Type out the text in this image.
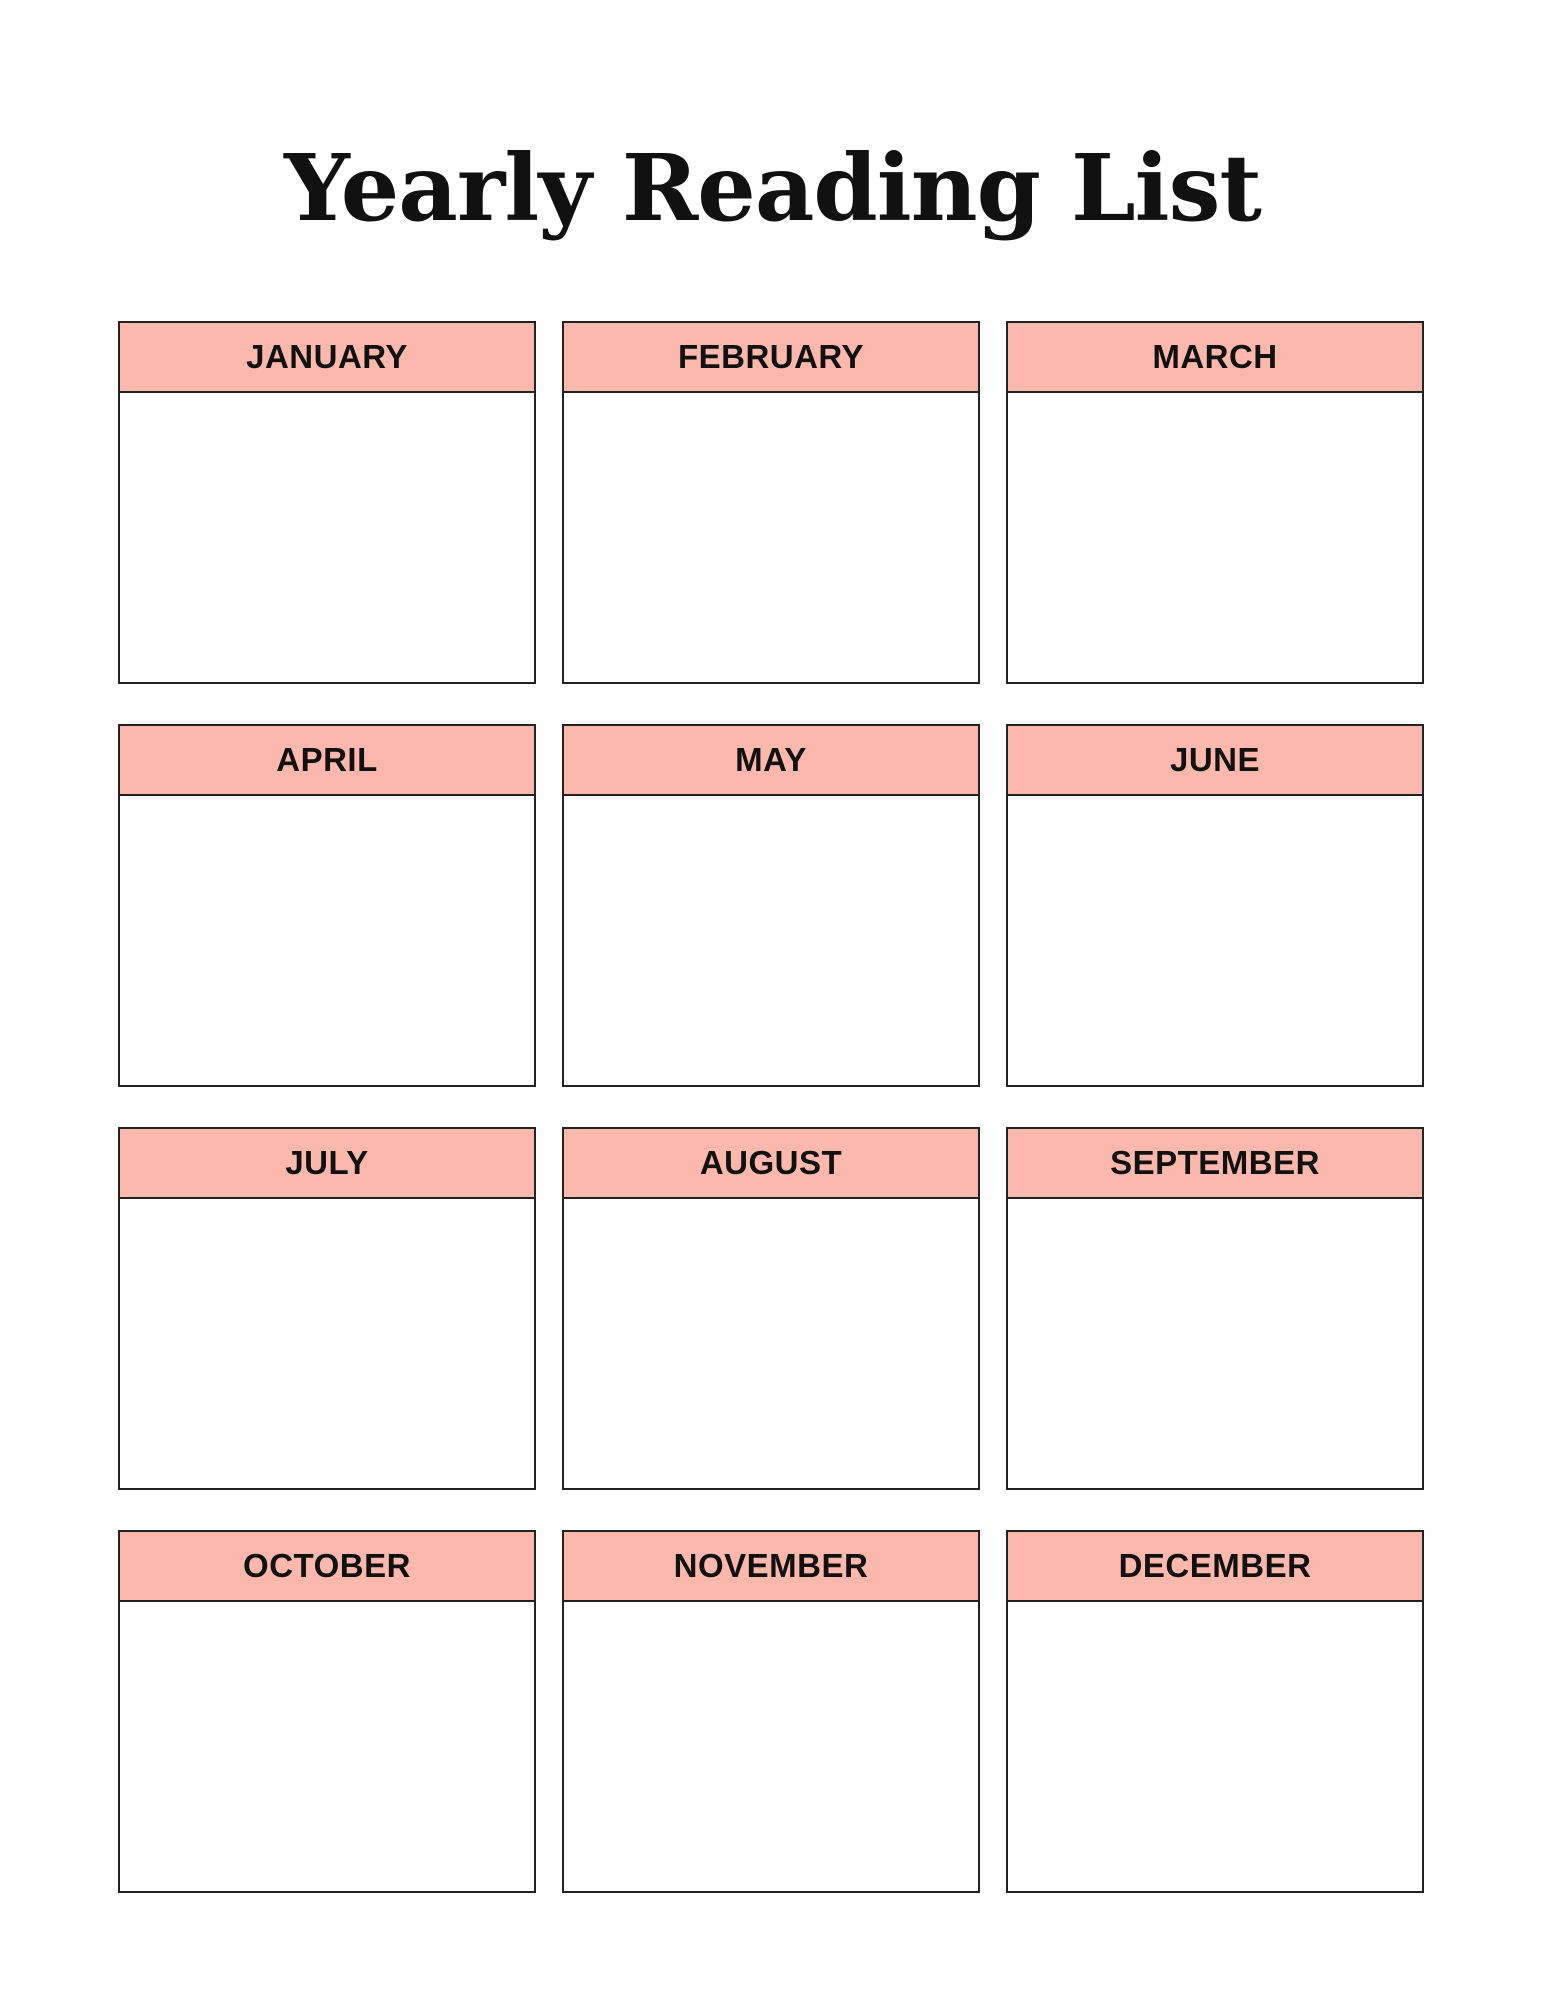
Yearly Reading List
JANUARY	FEBRUARY	MARCH
APRIL	MAY	JUNE
JULY	AUGUST	SEPTEMBER
OCTOBER	NOVEMBER	DECEMBER
